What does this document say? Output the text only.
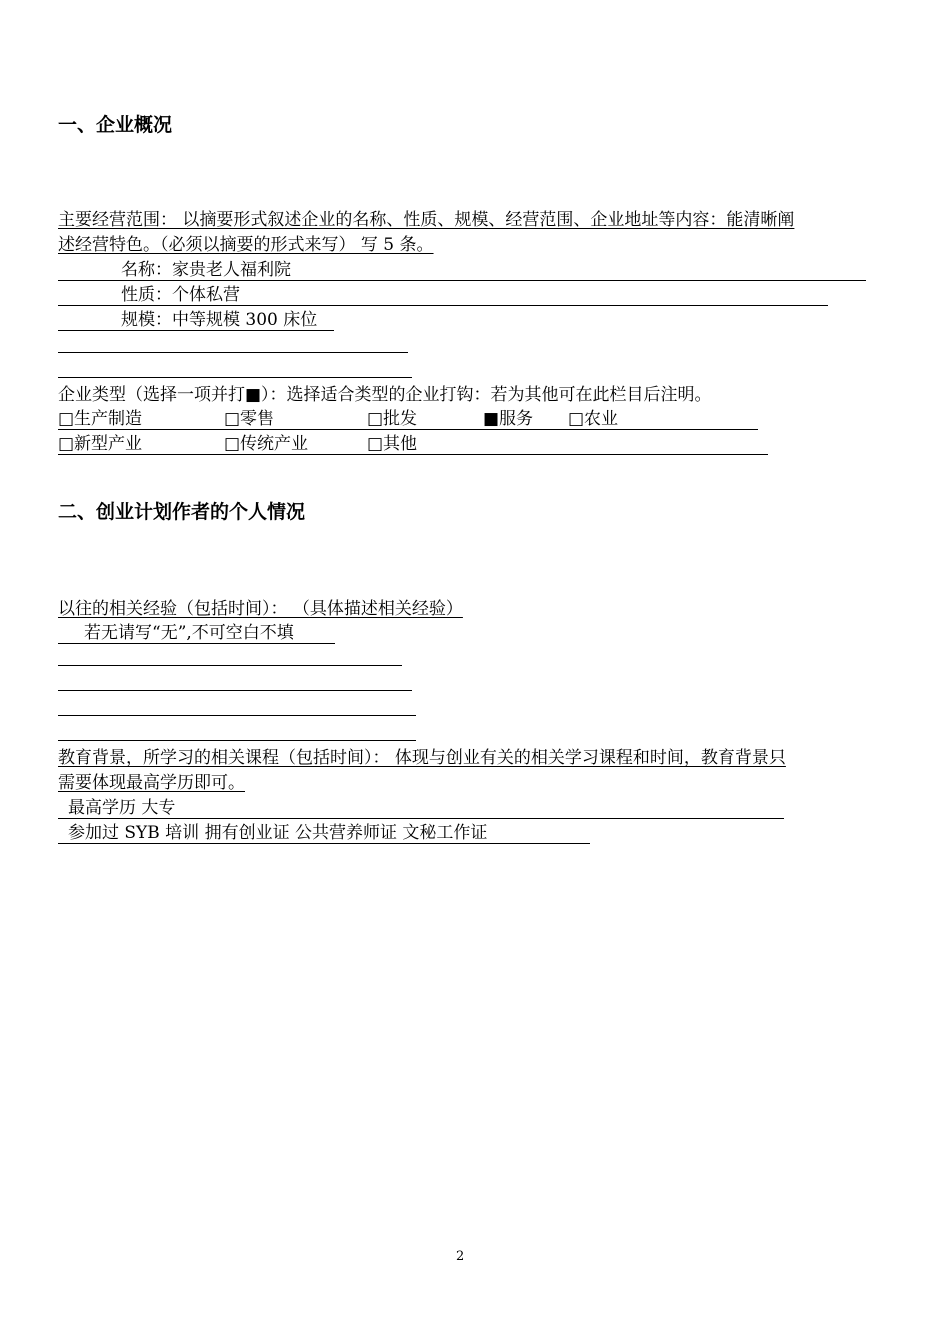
一、企业概况
主要经营范围： 以摘要形式叙述企业的名称、性质、规模、经营范围、企业地址等内容：能清晰阐
述经营特色。（必须以摘要的形式来写） 写 5 条。
名称：家贵老人福利院
性质：个体私营
规模：中等规模 300 床位
企业类型（选择一项并打■）：选择适合类型的企业打钩：若为其他可在此栏目后注明。
□生产制造	□零售	□批发	■服务 □农业
□新型产业	□传统产业	□其他
二、创业计划作者的个人情况
以往的相关经验（包括时间）： （具体描述相关经验）
若无请写“无”,不可空白不填
教育背景，所学习的相关课程（包括时间）： 体现与创业有关的相关学习课程和时间，教育背景只
需要体现最高学历即可。
最高学历 大专
参加过 SYB 培训 拥有创业证 公共营养师证 文秘工作证
2
